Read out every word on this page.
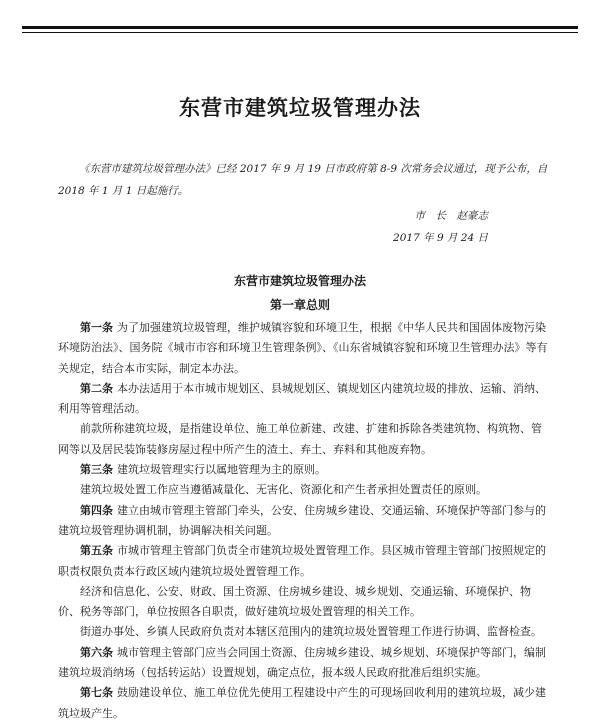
东营市建筑垃圾管理办法
《东营市建筑垃圾管理办法》已经 2017 年 9 月 19 日市政府第 8-9 次常务会议通过，现予公布，自 2018 年 1 月 1 日起施行。
市　长　赵豪志
2017 年 9 月 24 日
东营市建筑垃圾管理办法
第一章总则

第一条 为了加强建筑垃圾管理，维护城镇容貌和环境卫生，根据《中华人民共和国固体废物污染环境防治法》、国务院《城市市容和环境卫生管理条例》、《山东省城镇容貌和环境卫生管理办法》等有关规定，结合本市实际，制定本办法。

第二条 本办法适用于本市城市规划区、县城规划区、镇规划区内建筑垃圾的排放、运输、消纳、利用等管理活动。

前款所称建筑垃圾，是指建设单位、施工单位新建、改建、扩建和拆除各类建筑物、构筑物、管网等以及居民装饰装修房屋过程中所产生的渣土、弃土、弃料和其他废弃物。

第三条 建筑垃圾管理实行以属地管理为主的原则。

建筑垃圾处置工作应当遵循减量化、无害化、资源化和产生者承担处置责任的原则。

第四条 建立由城市管理主管部门牵头，公安、住房城乡建设、交通运输、环境保护等部门参与的建筑垃圾管理协调机制，协调解决相关问题。

第五条 市城市管理主管部门负责全市建筑垃圾处置管理工作。县区城市管理主管部门按照规定的职责权限负责本行政区域内建筑垃圾处置管理工作。

经济和信息化、公安、财政、国土资源、住房城乡建设、城乡规划、交通运输、环境保护、物价、税务等部门，单位按照各自职责，做好建筑垃圾处置管理的相关工作。

街道办事处、乡镇人民政府负责对本辖区范围内的建筑垃圾处置管理工作进行协调、监督检查。

第六条 城市管理主管部门应当会同国土资源、住房城乡建设、城乡规划、环境保护等部门，编制建筑垃圾消纳场（包括转运站）设置规划，确定点位，报本级人民政府批准后组织实施。

第七条 鼓励建设单位、施工单位优先使用工程建设中产生的可现场回收利用的建筑垃圾，减少建筑垃圾产生。
